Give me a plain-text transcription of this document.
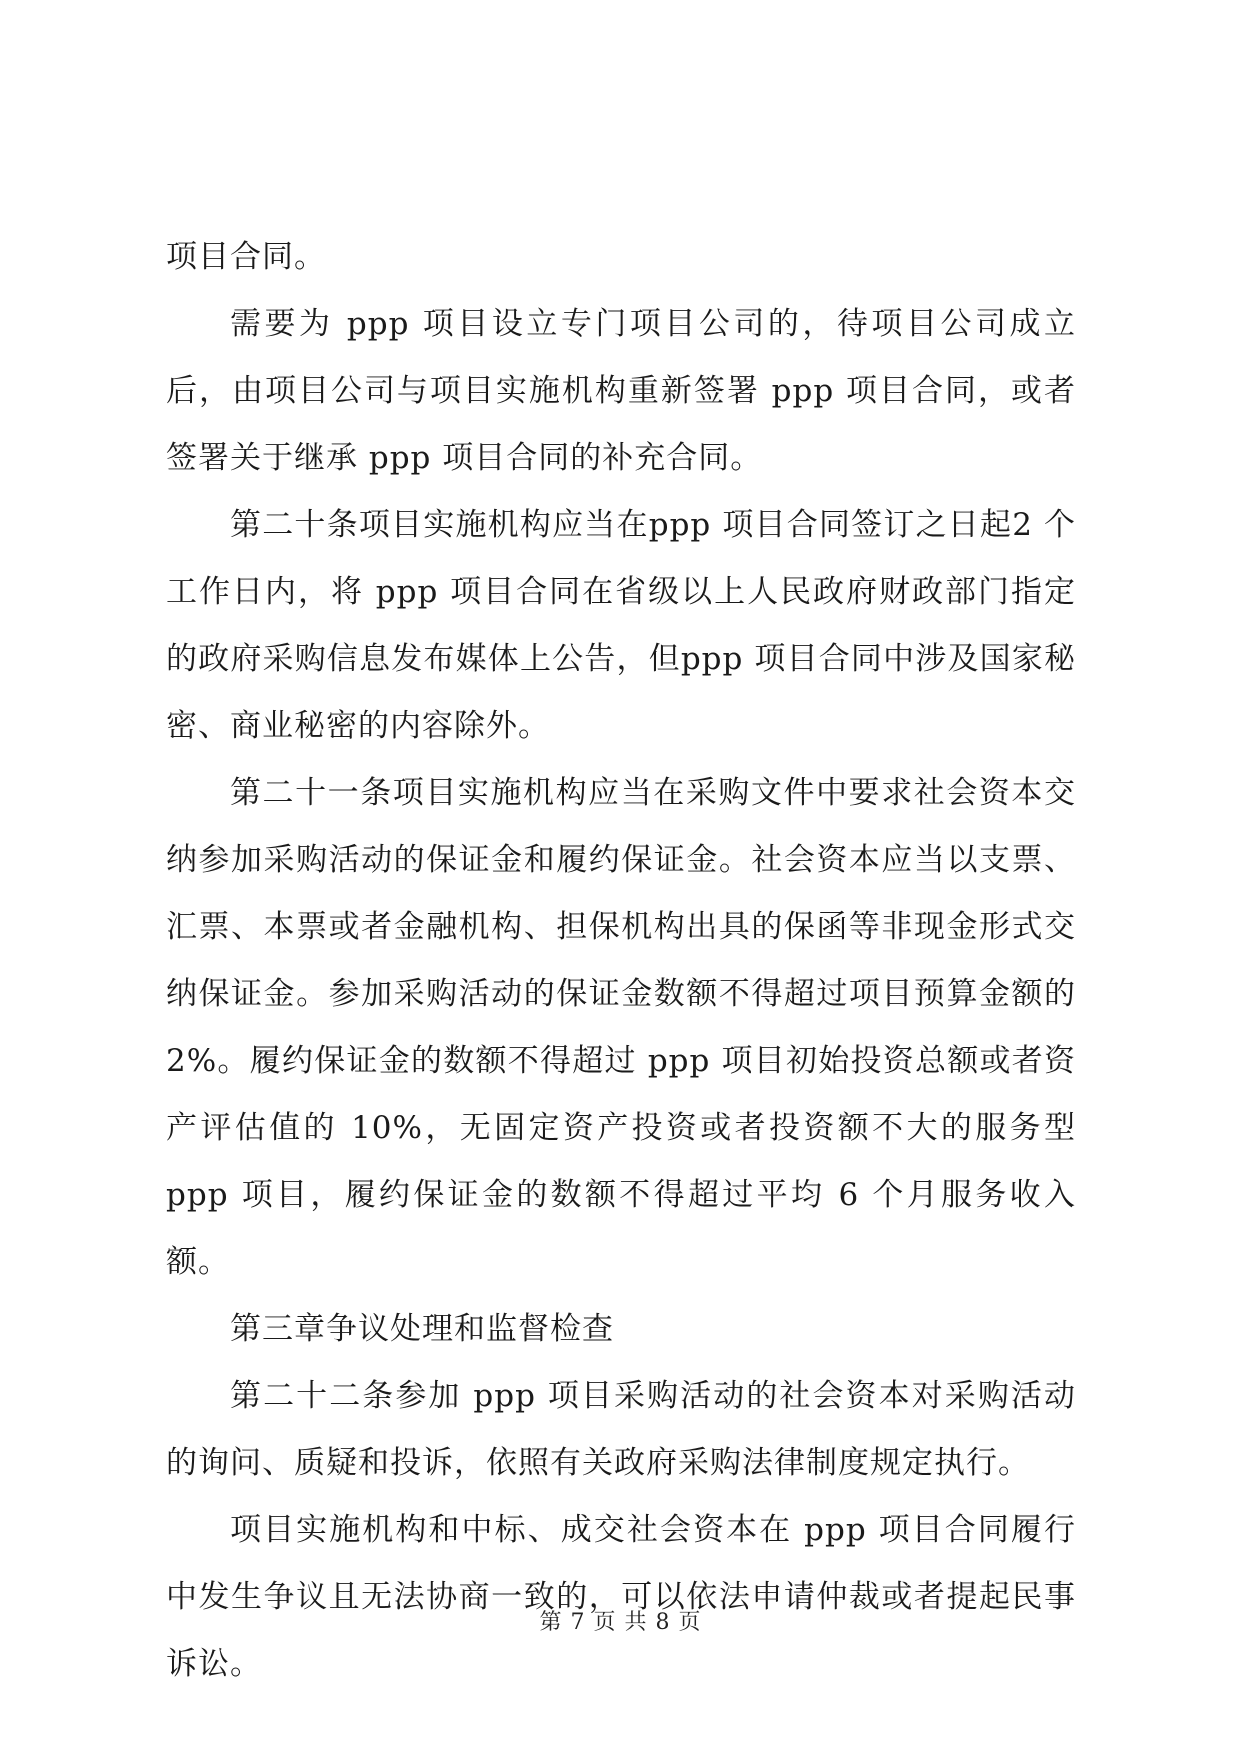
项目合同。

需要为 ppp 项目设立专门项目公司的，待项目公司成立后，由项目公司与项目实施机构重新签署 ppp 项目合同，或者签署关于继承 ppp 项目合同的补充合同。

第二十条项目实施机构应当在ppp 项目合同签订之日起2 个工作日内，将 ppp 项目合同在省级以上人民政府财政部门指定的政府采购信息发布媒体上公告，但ppp 项目合同中涉及国家秘密、商业秘密的内容除外。

第二十一条项目实施机构应当在采购文件中要求社会资本交纳参加采购活动的保证金和履约保证金。社会资本应当以支票、汇票、本票或者金融机构、担保机构出具的保函等非现金形式交纳保证金。参加采购活动的保证金数额不得超过项目预算金额的2%。履约保证金的数额不得超过 ppp 项目初始投资总额或者资产评估值的 10%，无固定资产投资或者投资额不大的服务型 ppp 项目，履约保证金的数额不得超过平均 6 个月服务收入额。

第三章争议处理和监督检查

第二十二条参加 ppp 项目采购活动的社会资本对采购活动的询问、质疑和投诉，依照有关政府采购法律制度规定执行。

项目实施机构和中标、成交社会资本在 ppp 项目合同履行中发生争议且无法协商一致的，可以依法申请仲裁或者提起民事诉讼。

第 7 页 共 8 页
